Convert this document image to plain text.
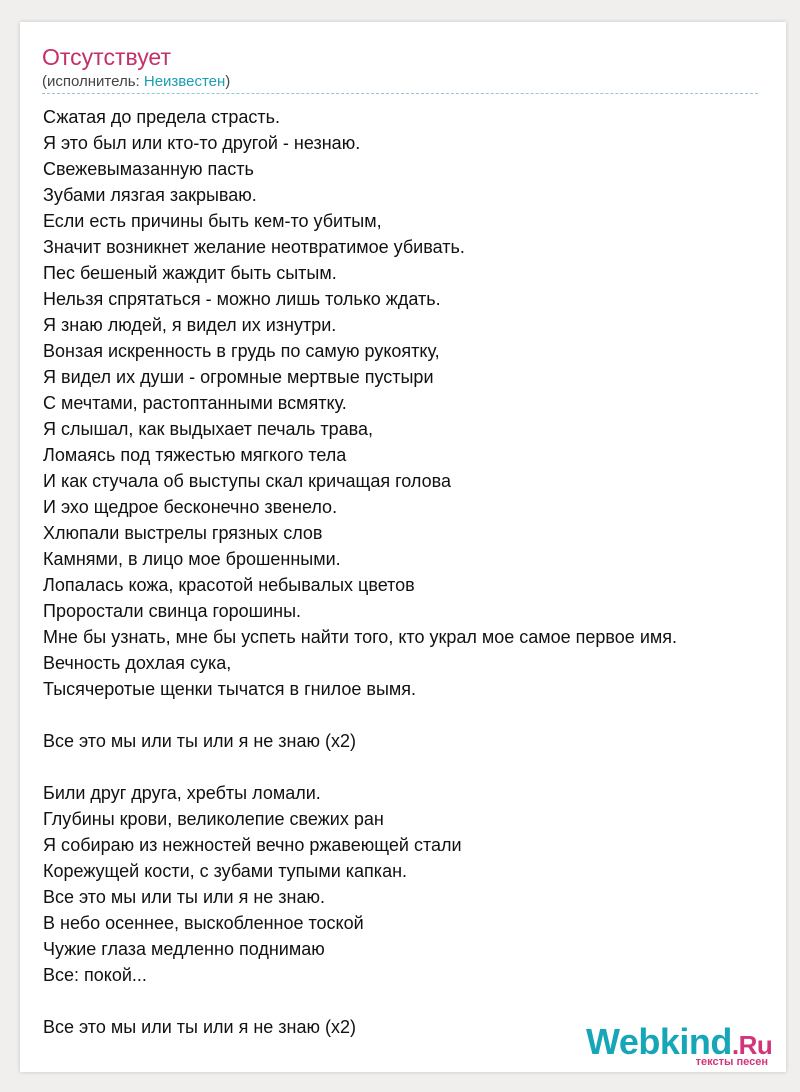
Отсутствует
(исполнитель: Неизвестен)
Сжатая до предела страсть.
Я это был или кто-то другой - незнаю.
Свежевымазанную пасть
Зубами лязгая закрываю.
Если есть причины быть кем-то убитым,
Значит возникнет желание неотвратимое убивать.
Пес бешеный жаждит быть сытым.
Нельзя спрятаться - можно лишь только ждать.
Я знаю людей, я видел их изнутри.
Вонзая искренность в грудь по самую рукоятку,
Я видел их души - огромные мертвые пустыри
С мечтами, растоптанными всмятку.
Я слышал, как выдыхает печаль трава,
Ломаясь под тяжестью мягкого тела
И как стучала об выступы скал кричащая голова
И эхо щедрое бесконечно звенело.
Хлюпали выстрелы грязных слов
Камнями, в лицо мое брошенными.
Лопалась кожа, красотой небывалых цветов
Проростали свинца горошины.
Мне бы узнать, мне бы успеть найти того, кто украл мое самое первое имя.
Вечность дохлая сука,
Тысячеротые щенки тычатся в гнилое вымя.
Все это мы или ты или я не знаю (x2)
Били друг друга, хребты ломали.
Глубины крови, великолепие свежих ран
Я собираю из нежностей вечно ржавеющей стали
Корежущей кости, с зубами тупыми капкан.
Все это мы или ты или я не знаю.
В небо осеннее, выскобленное тоской
Чужие глаза медленно поднимаю
Все: покой...
Все это мы или ты или я не знаю (x2)	Webkind.Ru
тексты песен
